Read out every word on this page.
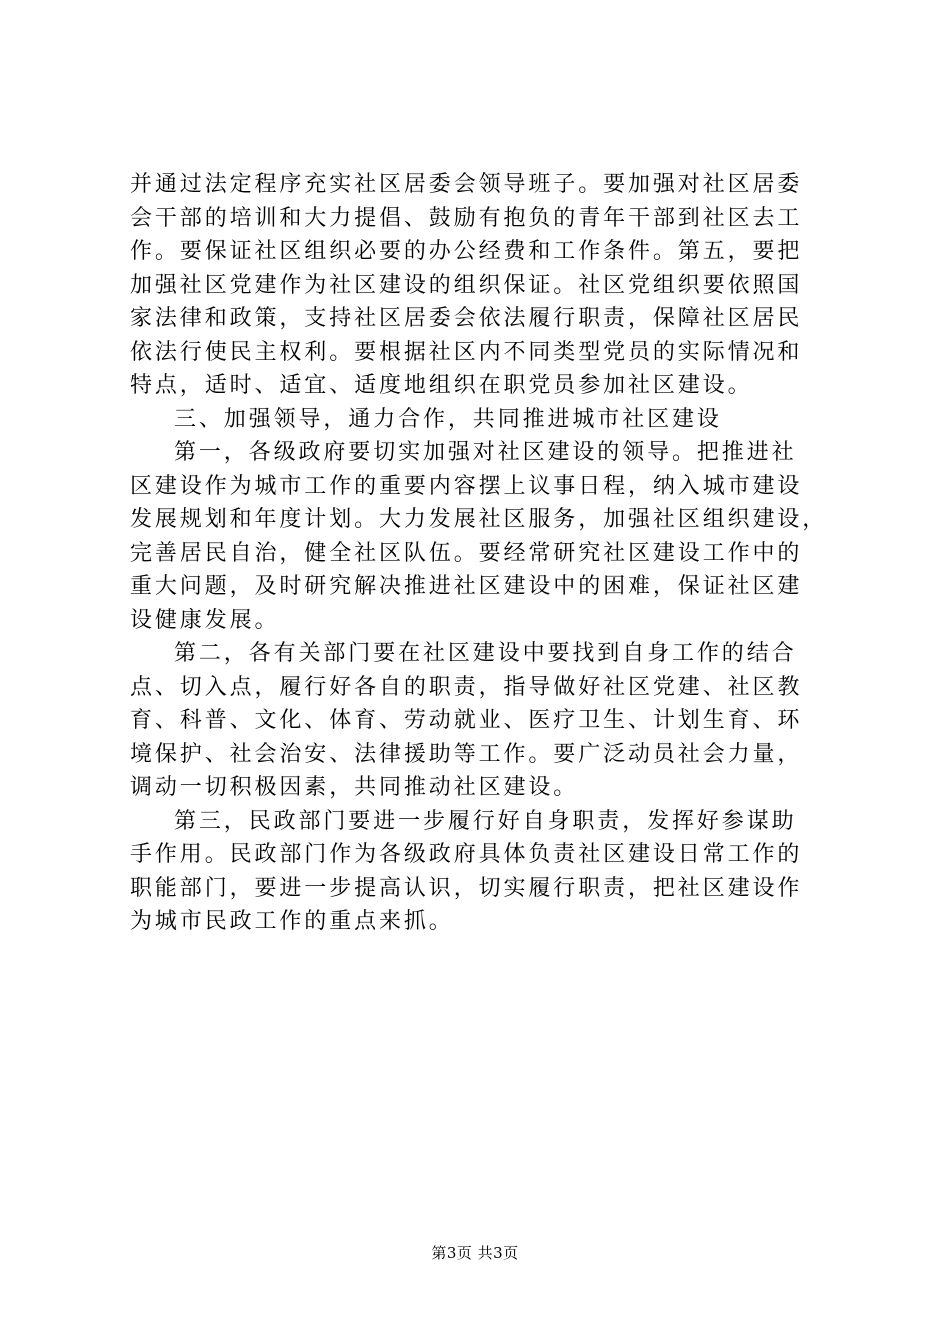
并通过法定程序充实社区居委会领导班子。要加强对社区居委
会干部的培训和大力提倡、鼓励有抱负的青年干部到社区去工
作。要保证社区组织必要的办公经费和工作条件。第五，要把
加强社区党建作为社区建设的组织保证。社区党组织要依照国
家法律和政策，支持社区居委会依法履行职责，保障社区居民
依法行使民主权利。要根据社区内不同类型党员的实际情况和
特点，适时、适宜、适度地组织在职党员参加社区建设。
三、加强领导，通力合作，共同推进城市社区建设
第一，各级政府要切实加强对社区建设的领导。把推进社
区建设作为城市工作的重要内容摆上议事日程，纳入城市建设
发展规划和年度计划。大力发展社区服务，加强社区组织建设，
完善居民自治，健全社区队伍。要经常研究社区建设工作中的
重大问题，及时研究解决推进社区建设中的困难，保证社区建
设健康发展。
第二，各有关部门要在社区建设中要找到自身工作的结合
点、切入点，履行好各自的职责，指导做好社区党建、社区教
育、科普、文化、体育、劳动就业、医疗卫生、计划生育、环
境保护、社会治安、法律援助等工作。要广泛动员社会力量，
调动一切积极因素，共同推动社区建设。
第三，民政部门要进一步履行好自身职责，发挥好参谋助
手作用。民政部门作为各级政府具体负责社区建设日常工作的
职能部门，要进一步提高认识，切实履行职责，把社区建设作
为城市民政工作的重点来抓。
第3页 共3页
